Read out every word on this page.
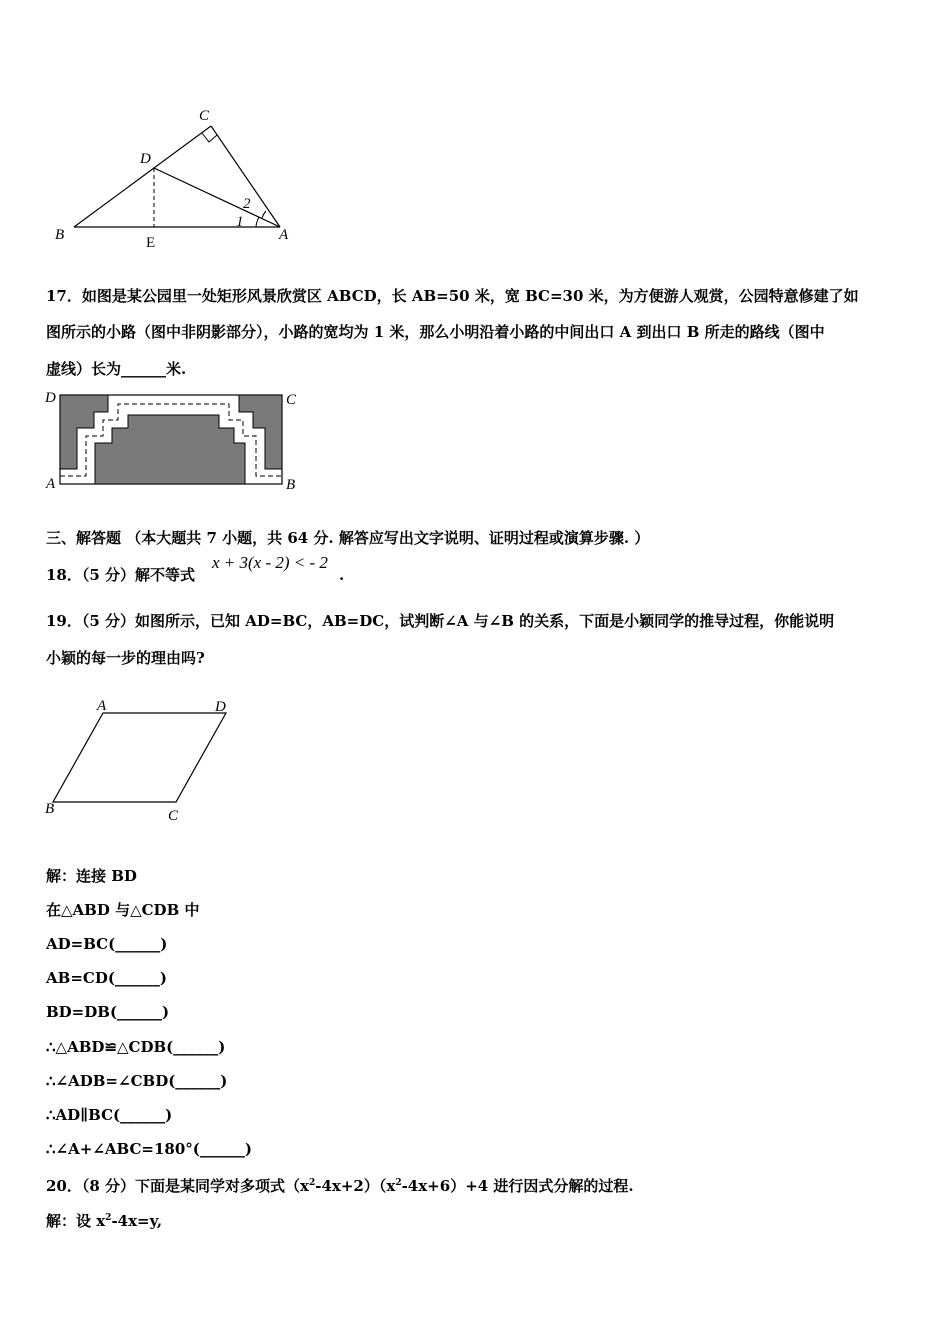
C
D
B	E	A
1
2
17．如图是某公园里一处矩形风景欣赏区 ABCD，长 AB=50 米，宽 BC=30 米，为方便游人观赏，公园特意修建了如
图所示的小路（图中非阴影部分），小路的宽均为 1 米，那么小明沿着小路的中间出口 A 到出口 B 所走的路线（图中
虚线）长为______米.
D	C
A	B
三、解答题 （本大题共 7 小题，共 64 分. 解答应写出文字说明、证明过程或演算步骤. ）
18．（5 分）解不等式
x + 3(x - 2) < - 2
.
19．（5 分）如图所示，已知 AD=BC，AB=DC，试判断∠A 与∠B 的关系，下面是小颖同学的推导过程，你能说明
小颖的每一步的理由吗?
A	D
B	C
解：连接 BD
在△ABD 与△CDB 中
AD=BC(______)
AB=CD(______)
BD=DB(______)
∴△ABD≌△CDB(______)
∴∠ADB=∠CBD(______)
∴AD∥BC(______)
∴∠A+∠ABC=180°(______)
20．（8 分）下面是某同学对多项式$(x^2-4x+2)(x^2-4x+6)+4$ 进行因式分解的过程.
解：设 $x^2-4x=y$,
